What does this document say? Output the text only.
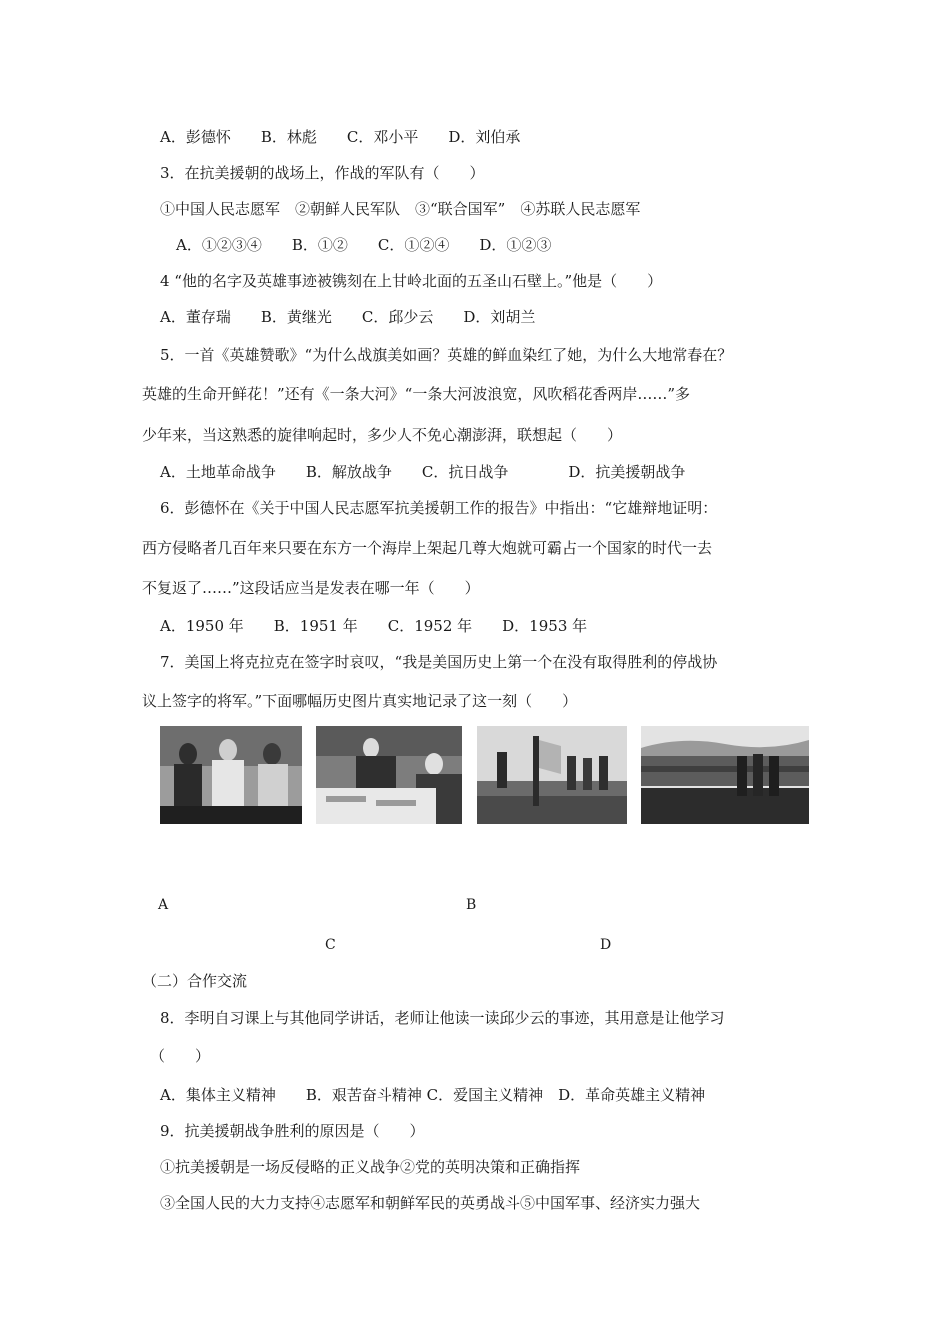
A．彭德怀　　B．林彪　　C．邓小平　　D．刘伯承
3．在抗美援朝的战场上，作战的军队有（　　）
①中国人民志愿军　②朝鲜人民军队　③“联合国军”　④苏联人民志愿军
A．①②③④　　B．①②　　C．①②④　　D．①②③
4 “他的名字及英雄事迹被镌刻在上甘岭北面的五圣山石壁上。”他是（　　）
A．董存瑞　　B．黄继光　　C．邱少云　　D．刘胡兰
5．一首《英雄赞歌》“为什么战旗美如画？英雄的鲜血染红了她，为什么大地常春在？
英雄的生命开鲜花！”还有《一条大河》“一条大河波浪宽，风吹稻花香两岸……”多
少年来，当这熟悉的旋律响起时，多少人不免心潮澎湃，联想起（　　）
A．土地革命战争　　B．解放战争　　C．抗日战争　　　　D．抗美援朝战争
6．彭德怀在《关于中国人民志愿军抗美援朝工作的报告》中指出：“它雄辩地证明：
西方侵略者几百年来只要在东方一个海岸上架起几尊大炮就可霸占一个国家的时代一去
不复返了……”这段话应当是发表在哪一年（　　）
A．1950 年　　B．1951 年　　C．1952 年　　D．1953 年
7．美国上将克拉克在签字时哀叹，“我是美国历史上第一个在没有取得胜利的停战协
议上签字的将军。”下面哪幅历史图片真实地记录了这一刻（　　）
A	B
C	D
（二）合作交流
8．李明自习课上与其他同学讲话，老师让他读一读邱少云的事迹，其用意是让他学习
（　　）
A．集体主义精神　　B．艰苦奋斗精神 C．爱国主义精神　D．革命英雄主义精神
9．抗美援朝战争胜利的原因是（　　）
①抗美援朝是一场反侵略的正义战争②党的英明决策和正确指挥
③全国人民的大力支持④志愿军和朝鲜军民的英勇战斗⑤中国军事、经济实力强大
